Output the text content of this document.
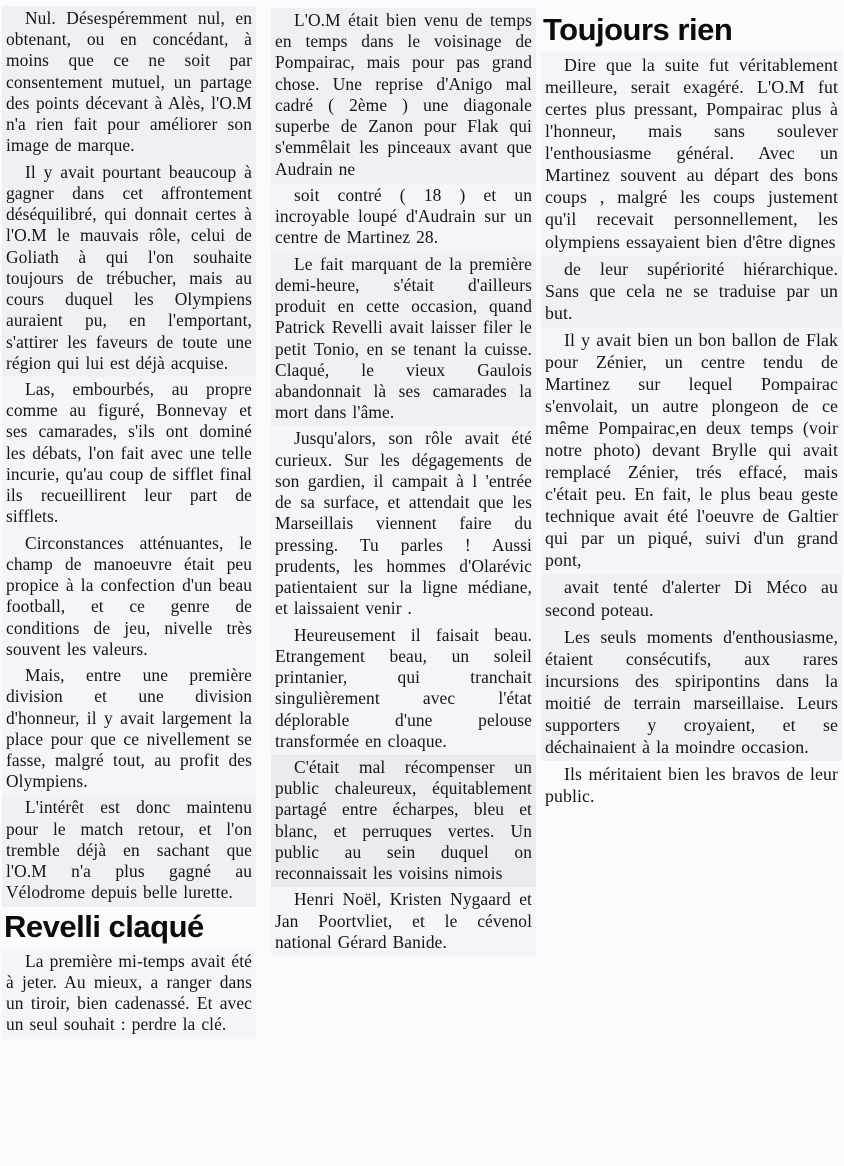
Nul. Désespéremment nul, en obtenant, ou en concédant, à moins que ce ne soit par consentement mutuel, un partage des points décevant à Alès, l'O.M n'a rien fait pour améliorer son image de marque.

Il y avait pourtant beaucoup à gagner dans cet affrontement déséquilibré, qui donnait certes à l'O.M le mauvais rôle, celui de Goliath à qui l'on souhaite toujours de trébucher, mais au cours duquel les Olympiens auraient pu, en l'emportant, s'attirer les faveurs de toute une région qui lui est déjà acquise.

Las, embourbés, au propre comme au figuré, Bonnevay et ses camarades, s'ils ont dominé les débats, l'on fait avec une telle incurie, qu'au coup de sifflet final ils recueillirent leur part de sifflets.

Circonstances atténuantes, le champ de manoeuvre était peu propice à la confection d'un beau football, et ce genre de conditions de jeu, nivelle très souvent les valeurs.

Mais, entre une première division et une division d'honneur, il y avait largement la place pour que ce nivellement se fasse, malgré tout, au profit des Olympiens.

L'intérêt est donc maintenu pour le match retour, et l'on tremble déjà en sachant que l'O.M n'a plus gagné au Vélodrome depuis belle lurette.

Revelli claqué

La première mi-temps avait été à jeter. Au mieux, a ranger dans un tiroir, bien cadenassé. Et avec un seul souhait : perdre la clé.

L'O.M était bien venu de temps en temps dans le voisinage de Pompairac, mais pour pas grand chose. Une reprise d'Anigo mal cadré ( 2ème ) une diagonale superbe de Zanon pour Flak qui s'emmêlait les pinceaux avant que Audrain ne

soit contré ( 18 ) et un incroyable loupé d'Audrain sur un centre de Martinez 28.

Le fait marquant de la première demi-heure, s'était d'ailleurs produit en cette occasion, quand Patrick Revelli avait laisser filer le petit Tonio, en se tenant la cuisse. Claqué, le vieux Gaulois abandonnait là ses camarades la mort dans l'âme.

Jusqu'alors, son rôle avait été curieux. Sur les dégagements de son gardien, il campait à l 'entrée de sa surface, et attendait que les Marseillais viennent faire du pressing. Tu parles ! Aussi prudents, les hommes d'Olarévic patientaient sur la ligne médiane, et laissaient venir .

Heureusement il faisait beau. Etrangement beau, un soleil printanier, qui tranchait singulièrement avec l'état déplorable d'une pelouse transformée en cloaque.

C'était mal récompenser un public chaleureux, équitablement partagé entre écharpes, bleu et blanc, et perruques vertes. Un public au sein duquel on reconnaissait les voisins nimois

Henri Noël, Kristen Nygaard et Jan Poortvliet, et le cévenol national Gérard Banide.

Toujours rien

Dire que la suite fut véritablement meilleure, serait exagéré. L'O.M fut certes plus pressant, Pompairac plus à l'honneur, mais sans soulever l'enthousiasme général. Avec un Martinez souvent au départ des bons coups , malgré les coups justement qu'il recevait personnellement, les olympiens essayaient bien d'être dignes

de leur supériorité hiérarchique. Sans que cela ne se traduise par un but.

Il y avait bien un bon ballon de Flak pour Zénier, un centre tendu de Martinez sur lequel Pompairac s'envolait, un autre plongeon de ce même Pompairac,en deux temps (voir notre photo) devant Brylle qui avait remplacé Zénier, trés effacé, mais c'était peu. En fait, le plus beau geste technique avait été l'oeuvre de Galtier qui par un piqué, suivi d'un grand pont,

avait tenté d'alerter Di Méco au second poteau.

Les seuls moments d'enthousiasme, étaient consécutifs, aux rares incursions des spiripontins dans la moitié de terrain marseillaise. Leurs supporters y croyaient, et se déchainaient à la moindre occasion.

Ils méritaient bien les bravos de leur public.
